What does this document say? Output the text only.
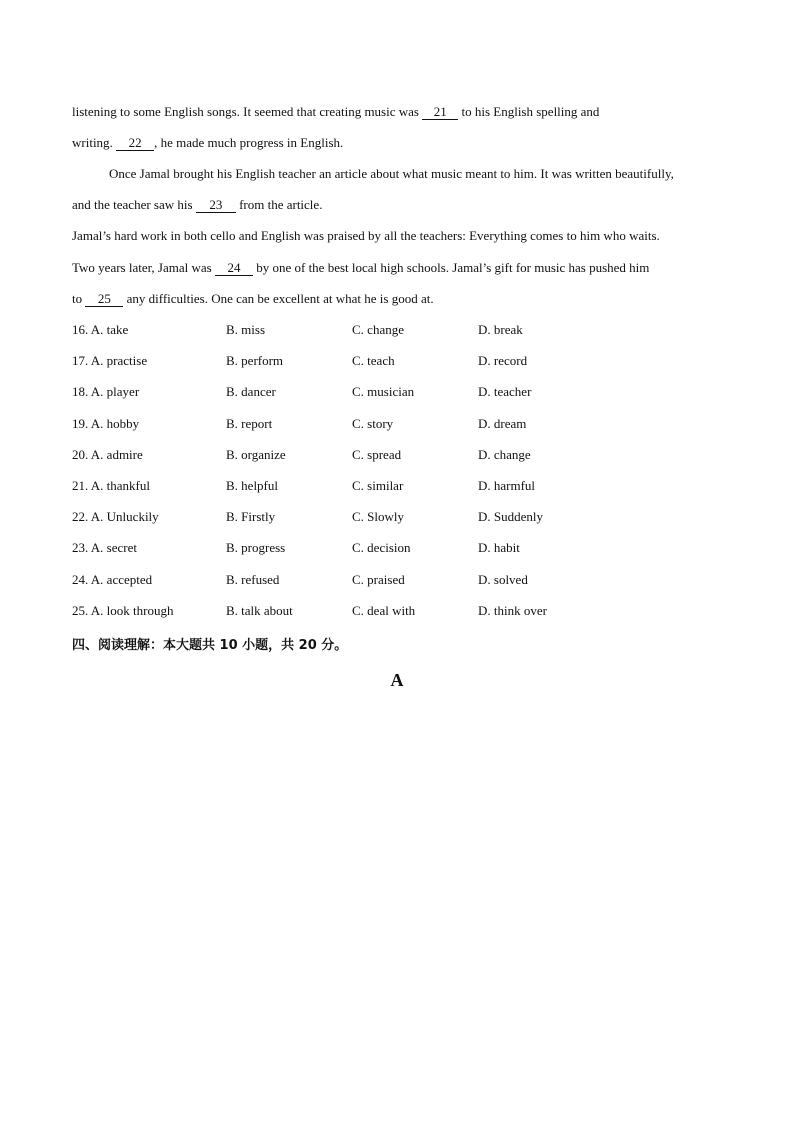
listening to some English songs. It seemed that creating music was 21 to his English spelling and
writing. 22 , he made much progress in English.
Once Jamal brought his English teacher an article about what music meant to him. It was written beautifully,
and the teacher saw his 23 from the article.
Jamal’s hard work in both cello and English was praised by all the teachers: Everything comes to him who waits.
Two years later, Jamal was 24 by one of the best local high schools. Jamal’s gift for music has pushed him
to 25 any difficulties. One can be excellent at what he is good at.
16. A. take	B. miss	C. change	D. break
17. A. practise	B. perform	C. teach	D. record
18. A. player	B. dancer	C. musician	D. teacher
19. A. hobby	B. report	C. story	D. dream
20. A. admire	B. organize	C. spread	D. change
21. A. thankful	B. helpful	C. similar	D. harmful
22. A. Unluckily	B. Firstly	C. Slowly	D. Suddenly
23. A. secret	B. progress	C. decision	D. habit
24. A. accepted	B. refused	C. praised	D. solved
25. A. look through	B. talk about	C. deal with	D. think over
四、阅读理解：本大题共 10 小题，共 20 分。
A
